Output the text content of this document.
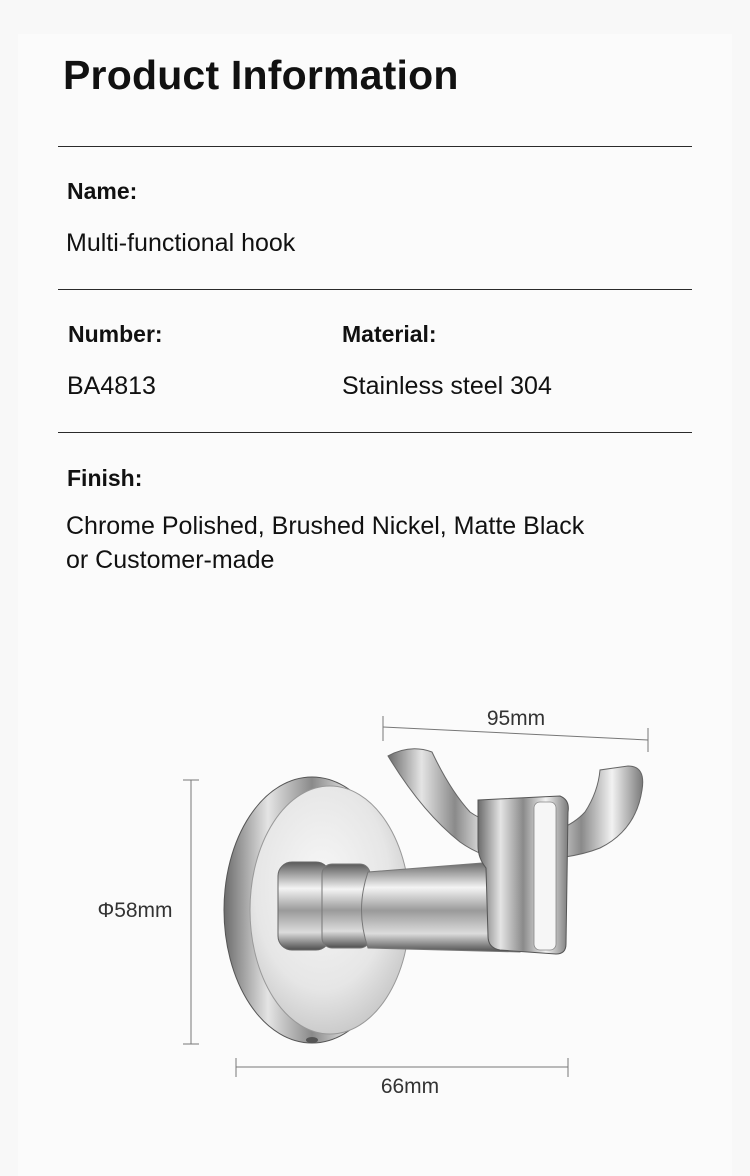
Product Information
Name:
Multi-functional hook
Number:
BA4813
Material:
Stainless steel 304
Finish:
Chrome Polished, Brushed Nickel, Matte Black
or Customer-made
95mm
Φ58mm
66mm
